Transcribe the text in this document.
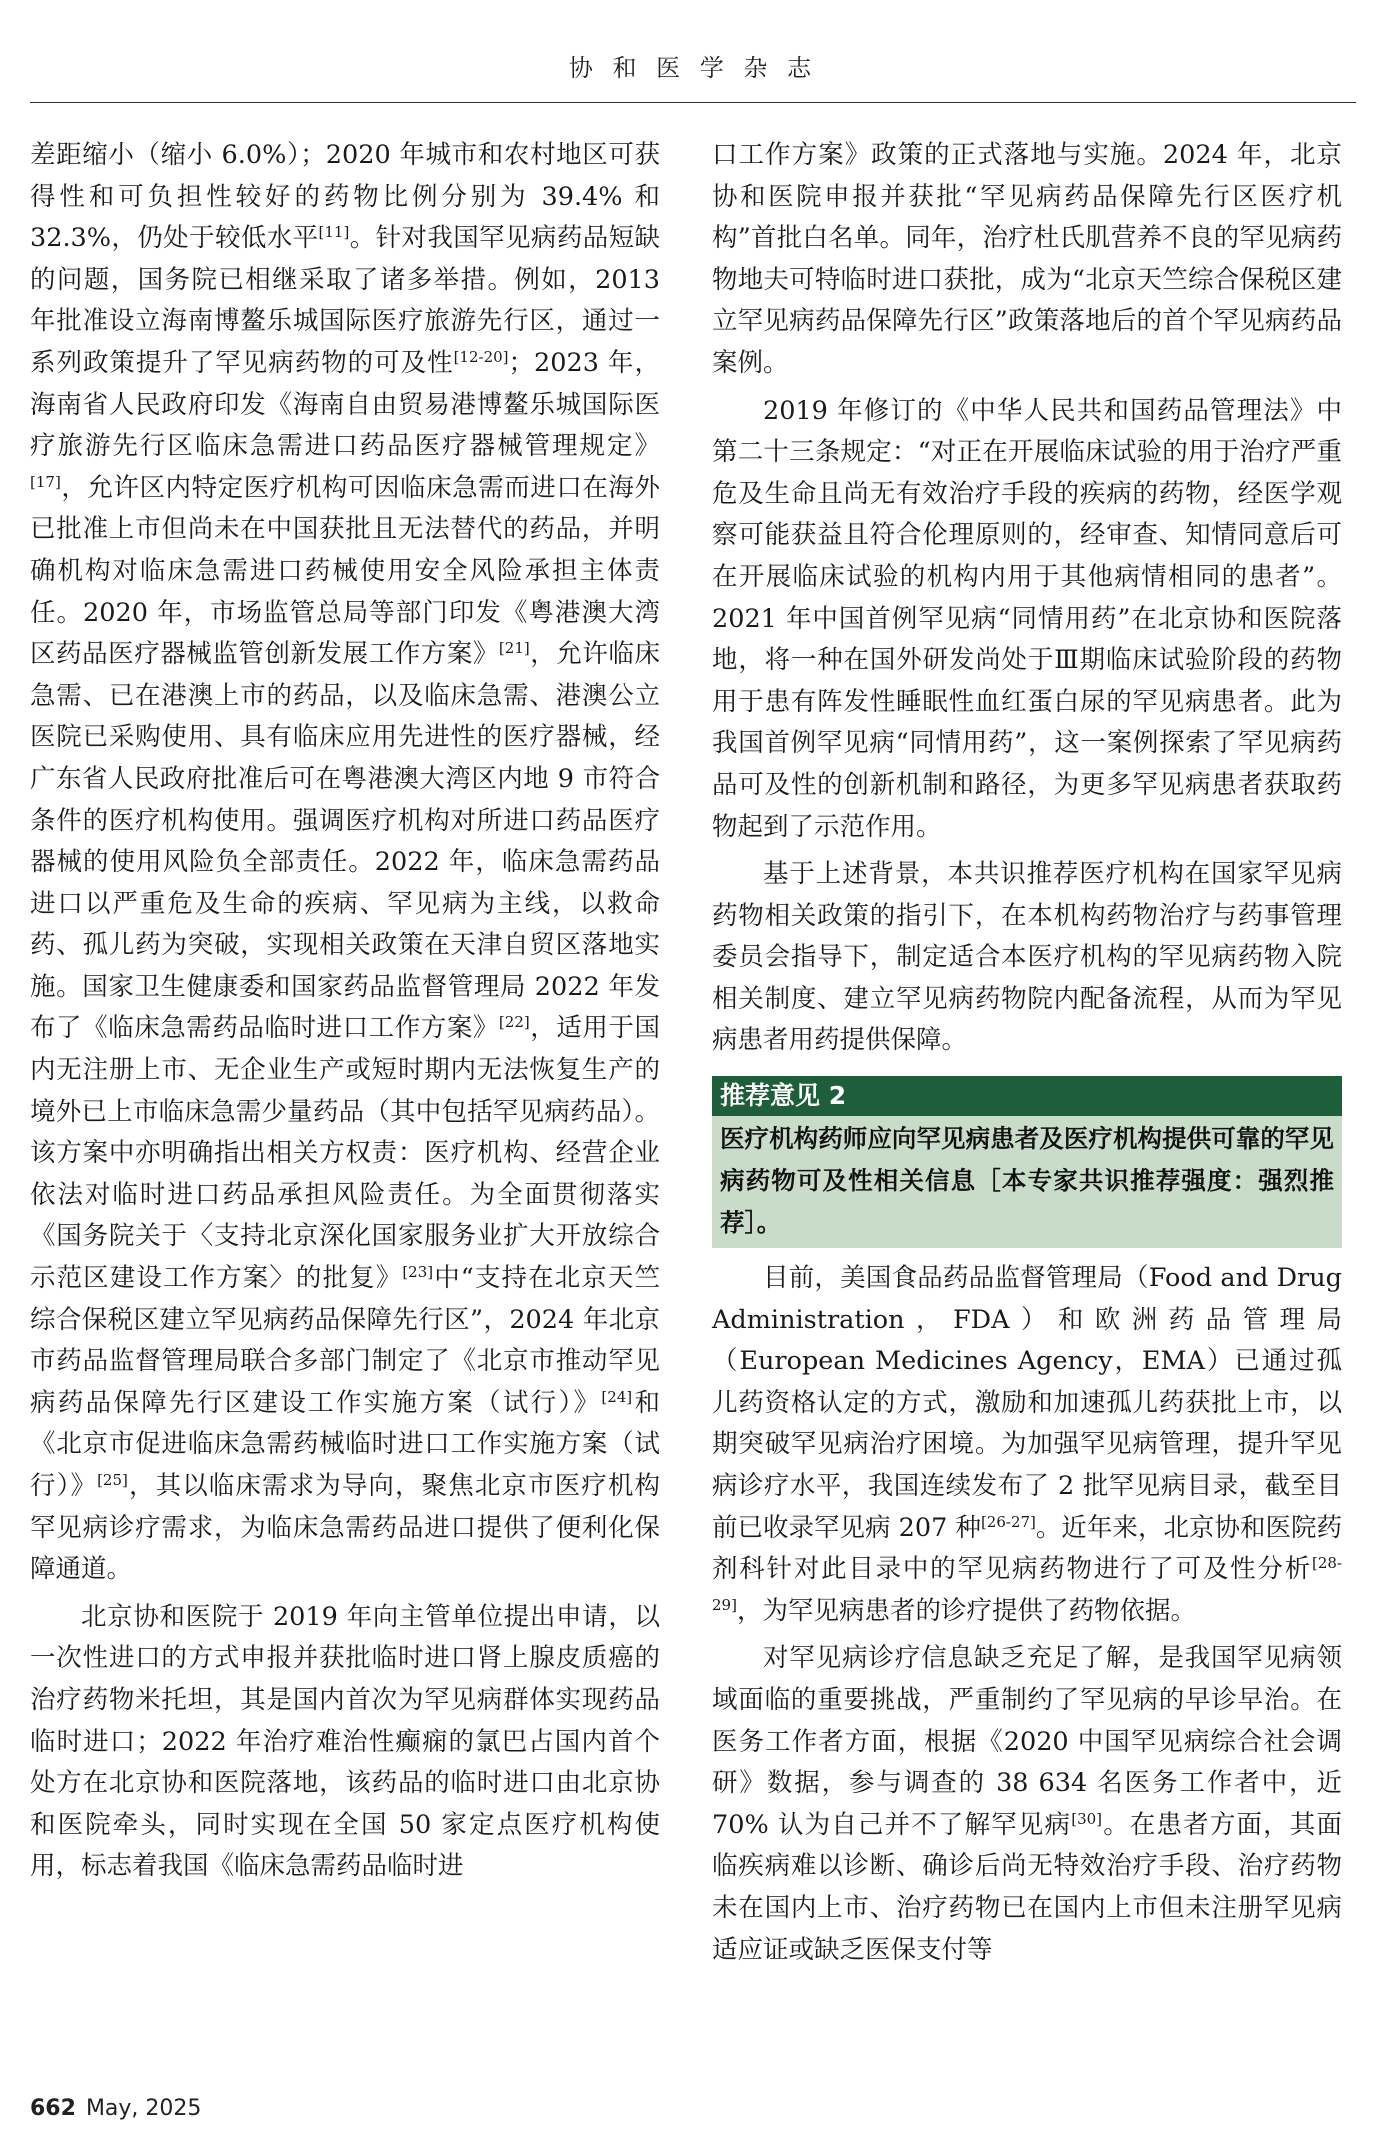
协 和 医 学 杂 志

差距缩小（缩小 6.0%）；2020 年城市和农村地区可获得性和可负担性较好的药物比例分别为 39.4% 和 32.3%，仍处于较低水平[11]。针对我国罕见病药品短缺的问题，国务院已相继采取了诸多举措。例如，2013 年批准设立海南博鳌乐城国际医疗旅游先行区，通过一系列政策提升了罕见病药物的可及性[12-20]；2023 年，海南省人民政府印发《海南自由贸易港博鳌乐城国际医疗旅游先行区临床急需进口药品医疗器械管理规定》[17]，允许区内特定医疗机构可因临床急需而进口在海外已批准上市但尚未在中国获批且无法替代的药品，并明确机构对临床急需进口药械使用安全风险承担主体责任。2020 年，市场监管总局等部门印发《粤港澳大湾区药品医疗器械监管创新发展工作方案》[21]，允许临床急需、已在港澳上市的药品，以及临床急需、港澳公立医院已采购使用、具有临床应用先进性的医疗器械，经广东省人民政府批准后可在粤港澳大湾区内地 9 市符合条件的医疗机构使用。强调医疗机构对所进口药品医疗器械的使用风险负全部责任。2022 年，临床急需药品进口以严重危及生命的疾病、罕见病为主线，以救命药、孤儿药为突破，实现相关政策在天津自贸区落地实施。国家卫生健康委和国家药品监督管理局 2022 年发布了《临床急需药品临时进口工作方案》[22]，适用于国内无注册上市、无企业生产或短时期内无法恢复生产的境外已上市临床急需少量药品（其中包括罕见病药品）。该方案中亦明确指出相关方权责：医疗机构、经营企业依法对临时进口药品承担风险责任。为全面贯彻落实《国务院关于〈支持北京深化国家服务业扩大开放综合示范区建设工作方案〉的批复》[23]中“支持在北京天竺综合保税区建立罕见病药品保障先行区”，2024 年北京市药品监督管理局联合多部门制定了《北京市推动罕见病药品保障先行区建设工作实施方案（试行）》[24]和《北京市促进临床急需药械临时进口工作实施方案（试行）》[25]，其以临床需求为导向，聚焦北京市医疗机构罕见病诊疗需求，为临床急需药品进口提供了便利化保障通道。

北京协和医院于 2019 年向主管单位提出申请，以一次性进口的方式申报并获批临时进口肾上腺皮质癌的治疗药物米托坦，其是国内首次为罕见病群体实现药品临时进口；2022 年治疗难治性癫痫的氯巴占国内首个处方在北京协和医院落地，该药品的临时进口由北京协和医院牵头，同时实现在全国 50 家定点医疗机构使用，标志着我国《临床急需药品临时进

口工作方案》政策的正式落地与实施。2024 年，北京协和医院申报并获批“罕见病药品保障先行区医疗机构”首批白名单。同年，治疗杜氏肌营养不良的罕见病药物地夫可特临时进口获批，成为“北京天竺综合保税区建立罕见病药品保障先行区”政策落地后的首个罕见病药品案例。

2019 年修订的《中华人民共和国药品管理法》中第二十三条规定：“对正在开展临床试验的用于治疗严重危及生命且尚无有效治疗手段的疾病的药物，经医学观察可能获益且符合伦理原则的，经审查、知情同意后可在开展临床试验的机构内用于其他病情相同的患者”。2021 年中国首例罕见病“同情用药”在北京协和医院落地，将一种在国外研发尚处于Ⅲ期临床试验阶段的药物用于患有阵发性睡眠性血红蛋白尿的罕见病患者。此为我国首例罕见病“同情用药”，这一案例探索了罕见病药品可及性的创新机制和路径，为更多罕见病患者获取药物起到了示范作用。

基于上述背景，本共识推荐医疗机构在国家罕见病药物相关政策的指引下，在本机构药物治疗与药事管理委员会指导下，制定适合本医疗机构的罕见病药物入院相关制度、建立罕见病药物院内配备流程，从而为罕见病患者用药提供保障。

推荐意见 2
医疗机构药师应向罕见病患者及医疗机构提供可靠的罕见病药物可及性相关信息［本专家共识推荐强度：强烈推荐］。

目前，美国食品药品监督管理局（Food and Drug Administration，FDA）和欧洲药品管理局（European Medicines Agency，EMA）已通过孤儿药资格认定的方式，激励和加速孤儿药获批上市，以期突破罕见病治疗困境。为加强罕见病管理，提升罕见病诊疗水平，我国连续发布了 2 批罕见病目录，截至目前已收录罕见病 207 种[26-27]。近年来，北京协和医院药剂科针对此目录中的罕见病药物进行了可及性分析[28-29]，为罕见病患者的诊疗提供了药物依据。

对罕见病诊疗信息缺乏充足了解，是我国罕见病领域面临的重要挑战，严重制约了罕见病的早诊早治。在医务工作者方面，根据《2020 中国罕见病综合社会调研》数据，参与调查的 38 634 名医务工作者中，近 70% 认为自己并不了解罕见病[30]。在患者方面，其面临疾病难以诊断、确诊后尚无特效治疗手段、治疗药物未在国内上市、治疗药物已在国内上市但未注册罕见病适应证或缺乏医保支付等

662 May, 2025
